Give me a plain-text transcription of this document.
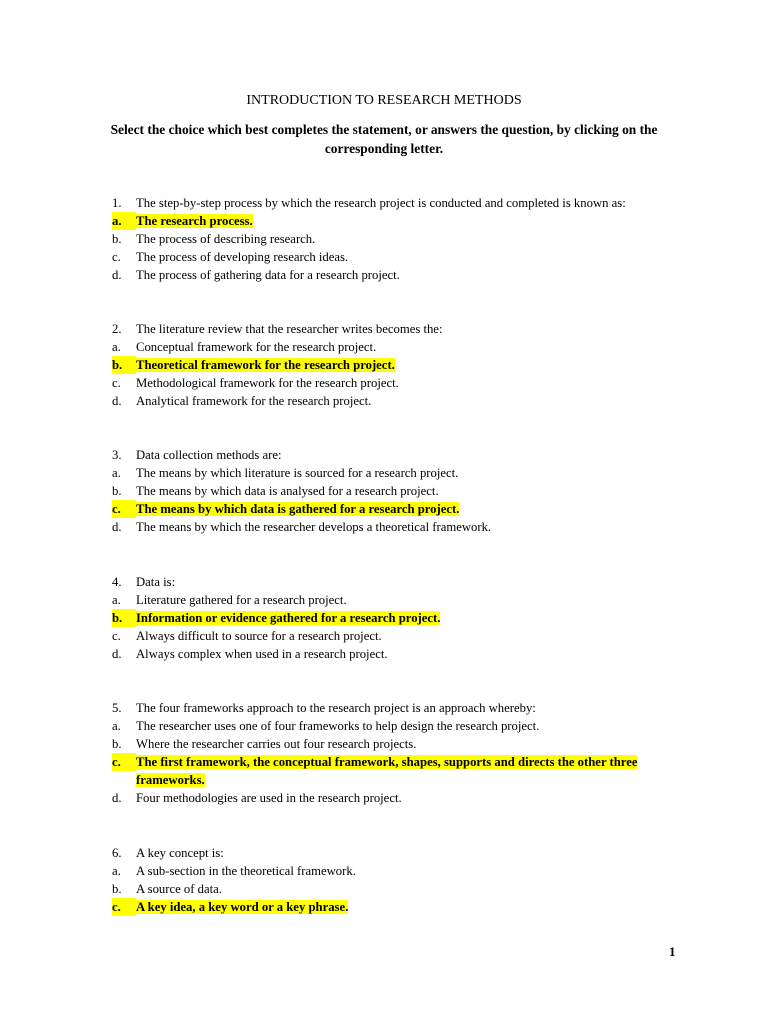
INTRODUCTION TO RESEARCH METHODS
Select the choice which best completes the statement, or answers the question, by clicking on the corresponding letter.
1.	The step-by-step process by which the research project is conducted and completed is known as:
a.	The research process.
b.	The process of describing research.
c.	The process of developing research ideas.
d.	The process of gathering data for a research project.
2.	The literature review that the researcher writes becomes the:
a.	Conceptual framework for the research project.
b.	Theoretical framework for the research project.
c.	Methodological framework for the research project.
d.	Analytical framework for the research project.
3.	Data collection methods are:
a.	The means by which literature is sourced for a research project.
b.	The means by which data is analysed for a research project.
c.	The means by which data is gathered for a research project.
d.	The means by which the researcher develops a theoretical framework.
4.	Data is:
a.	Literature gathered for a research project.
b.	Information or evidence gathered for a research project.
c.	Always difficult to source for a research project.
d.	Always complex when used in a research project.
5.	The four frameworks approach to the research project is an approach whereby:
a.	The researcher uses one of four frameworks to help design the research project.
b.	Where the researcher carries out four research projects.
c.	The first framework, the conceptual framework, shapes, supports and directs the other three frameworks.
d.	Four methodologies are used in the research project.
6.	A key concept is:
a.	A sub-section in the theoretical framework.
b.	A source of data.
c.	A key idea, a key word or a key phrase.
1
